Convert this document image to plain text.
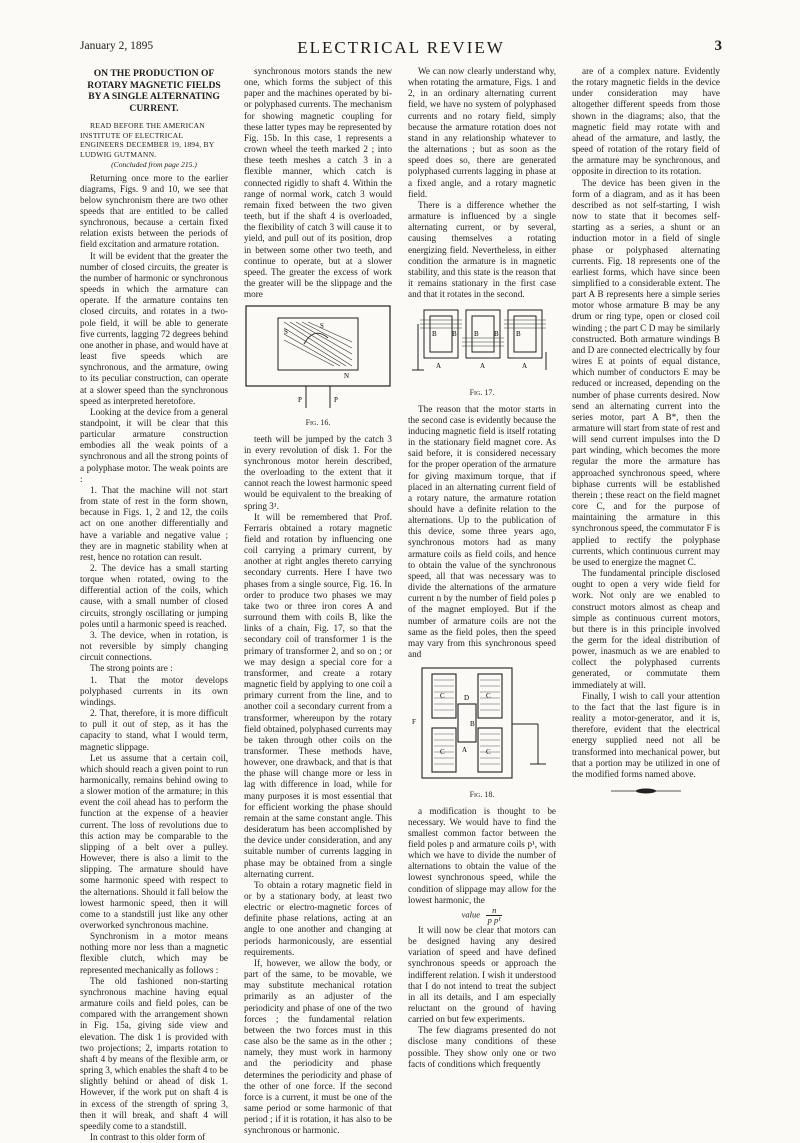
January 2, 1895	ELECTRICAL REVIEW	3
ON THE PRODUCTION OF ROTARY MAGNETIC FIELDS BY A SINGLE ALTERNATING CURRENT.

READ BEFORE THE AMERICAN INSTITUTE OF ELECTRICAL ENGINEERS DECEMBER 19, 1894, BY LUDWIG GUTMANN.

(Concluded from page 215.)

Returning once more to the earlier diagrams, Figs. 9 and 10, we see that below synchronism there are two other speeds that are entitled to be called synchronous, because a certain fixed relation exists between the periods of field excitation and armature rotation.

It will be evident that the greater the number of closed circuits, the greater is the number of harmonic or synchronous speeds in which the armature can operate. If the armature contains ten closed circuits, and rotates in a two-pole field, it will be able to generate five currents, lagging 72 degrees behind one another in phase, and would have at least five speeds which are synchronous, and the armature, owing to its peculiar construction, can operate at a slower speed than the synchronous speed as interpreted heretofore.

Looking at the device from a general standpoint, it will be clear that this particular armature construction embodies all the weak points of a synchronous and all the strong points of a polyphase motor. The weak points are :

1. That the machine will not start from state of rest in the form shown, because in Figs. 1, 2 and 12, the coils act on one another differentially and have a variable and negative value ; they are in magnetic stability when at rest, hence no rotation can result.

2. The device has a small starting torque when rotated, owing to the differential action of the coils, which cause, with a small number of closed circuits, strongly oscillating or jumping poles until a harmonic speed is reached.

3. The device, when in rotation, is not reversible by simply changing circuit connections.

The strong points are :

1. That the motor develops polyphased currents in its own windings.

2. That, therefore, it is more difficult to pull it out of step, as it has the capacity to stand, what I would term, magnetic slippage.

Let us assume that a certain coil, which should reach a given point to run harmonically, remains behind owing to a slower motion of the armature; in this event the coil ahead has to perform the function at the expense of a heavier current. The loss of revolutions due to this action may be comparable to the slipping of a belt over a pulley. However, there is also a limit to the slipping. The armature should have some harmonic speed with respect to the alternations. Should it fall below the lowest harmonic speed, then it will come to a standstill just like any other overworked synchronous machine.

Synchronism in a motor means nothing more nor less than a magnetic flexible clutch, which may be represented mechanically as follows :

The old fashioned non-starting synchronous machine having equal armature coils and field poles, can be compared with the arrangement shown in Fig. 15a, giving side view and elevation. The disk 1 is provided with two projections; 2, imparts rotation to shaft 4 by means of the flexible arm, or spring 3, which enables the shaft 4 to be slightly behind or ahead of disk 1. However, if the work put on shaft 4 is in excess of the strength of spring 3, then it will break, and shaft 4 will speedily come to a standstill.

In contrast to this older form of

synchronous motors stands the new one, which forms the subject of this paper and the machines operated by bi- or polyphased currents. The mechanism for showing magnetic coupling for these latter types may be represented by Fig. 15b. In this case, 1 represents a crown wheel the teeth marked 2 ; into these teeth meshes a catch 3 in a flexible manner, which catch is connected rigidly to shaft 4. Within the range of normal work, catch 3 would remain fixed between the two given teeth, but if the shaft 4 is overloaded, the flexibility of catch 3 will cause it to yield, and pull out of its position, drop in between some other two teeth, and continue to operate, but at a slower speed. The greater the excess of work the greater will be the slippage and the more

S
S
N
P	P
Fig. 16.

teeth will be jumped by the catch 3 in every revolution of disk 1. For the synchronous motor herein described, the overloading to the extent that it cannot reach the lowest harmonic speed would be equivalent to the breaking of spring 3¹.

It will be remembered that Prof. Ferraris obtained a rotary magnetic field and rotation by influencing one coil carrying a primary current, by another at right angles thereto carrying secondary currents. Here I have two phases from a single source, Fig. 16. In order to produce two phases we may take two or three iron cores A and surround them with coils B, like the links of a chain, Fig. 17, so that the secondary coil of transformer 1 is the primary of transformer 2, and so on ; or we may design a special core for a transformer, and create a rotary magnetic field by applying to one coil a primary current from the line, and to another coil a secondary current from a transformer, whereupon by the rotary field obtained, polyphased currents may be taken through other coils on the transformer. These methods have, however, one drawback, and that is that the phase will change more or less in lag with difference in load, while for many purposes it is most essential that for efficient working the phase should remain at the same constant angle. This desideratum has been accomplished by the device under consideration, and any suitable number of currents lagging in phase may be obtained from a single alternating current.

To obtain a rotary magnetic field in or by a stationary body, at least two electric or electro-magnetic forces of definite phase relations, acting at an angle to one another and changing at periods harmonicously, are essential requirements.

If, however, we allow the body, or part of the same, to be movable, we may substitute mechanical rotation primarily as an adjuster of the periodicity and phase of one of the two forces ; the fundamental relation between the two forces must in this case also be the same as in the other ; namely, they must work in harmony and the periodicity and phase determines the periodicity and phase of the other of one force. If the second force is a current, it must be one of the same period or some harmonic of that period ; if it is rotation, it has also to be synchronous or harmonic.

We can now clearly understand why, when rotating the armature, Figs. 1 and 2, in an ordinary alternating current field, we have no system of polyphased currents and no rotary field, simply because the armature rotation does not stand in any relationship whatever to the alternations ; but as soon as the speed does so, there are generated polyphased currents lagging in phase at a fixed angle, and a rotary magnetic field.

There is a difference whether the armature is influenced by a single alternating current, or by several, causing themselves a rotating energizing field. Nevertheless, in either condition the armature is in magnetic stability, and this state is the reason that it remains stationary in the first case and that it rotates in the second.

B
A
B B
A
B B
A
Fig. 17.

The reason that the motor starts in the second case is evidently because the inducing magnetic field is itself rotating in the stationary field magnet core. As said before, it is considered necessary for the proper operation of the armature for giving maximum torque, that if placed in an alternating current field of a rotary nature, the armature rotation should have a definite relation to the alternations. Up to the publication of this device, some three years ago, synchronous motors had as many armature coils as field coils, and hence to obtain the value of the synchronous speed, all that was necessary was to divide the alternations of the armature current n by the number of field poles p of the magnet employed. But if the number of armature coils are not the same as the field poles, then the speed may vary from this synchronous speed and

C	C
D
F
A
B
C	C
Fig. 18.

a modification is thought to be necessary. We would have to find the smallest common factor between the field poles p and armature coils p¹, with which we have to divide the number of alternations to obtain the value of the lowest synchronous speed, while the condition of slippage may allow for the lowest harmonic, the

value $\frac{n}{\text{p p¹}}$

It will now be clear that motors can be designed having any desired variation of speed and have defined synchronous speeds or approach the indifferent relation. I wish it understood that I do not intend to treat the subject in all its details, and I am especially reluctant on the ground of having carried on but few experiments.

The few diagrams presented do not disclose many conditions of these possible. They show only one or two facts of conditions which frequently

are of a complex nature. Evidently the rotary magnetic fields in the device under consideration may have altogether different speeds from those shown in the diagrams; also, that the magnetic field may rotate with and ahead of the armature, and lastly, the speed of rotation of the rotary field of the armature may be synchronous, and opposite in direction to its rotation.

The device has been given in the form of a diagram, and as it has been described as not self-starting, I wish now to state that it becomes self-starting as a series, a shunt or an induction motor in a field of single phase or polyphased alternating currents. Fig. 18 represents one of the earliest forms, which have since been simplified to a considerable extent. The part A B represents here a simple series motor whose armature B may be any drum or ring type, open or closed coil winding ; the part C D may be similarly constructed. Both armature windings B and D are connected electrically by four wires E at points of equal distance, which number of conductors E may be reduced or increased, depending on the number of phase currents desired. Now send an alternating current into the series motor, part A B*, then the armature will start from state of rest and will send current impulses into the D part winding, which becomes the more regular the more the armature has approached synchronous speed, where biphase currents will be established therein ; these react on the field magnet core C, and for the purpose of maintaining the armature in this synchronous speed, the commutator F is applied to rectify the polyphase currents, which continuous current may be used to energize the magnet C.

The fundamental principle disclosed ought to open a very wide field for work. Not only are we enabled to construct motors almost as cheap and simple as continuous current motors, but there is in this principle involved the germ for the ideal distribution of power, inasmuch as we are enabled to collect the polyphased currents generated, or commutate them immediately at will.

Finally, I wish to call your attention to the fact that the last figure is in reality a motor-generator, and it is, therefore, evident that the electrical energy supplied need not all be transformed into mechanical power, but that a portion may be utilized in one of the modified forms named above.
